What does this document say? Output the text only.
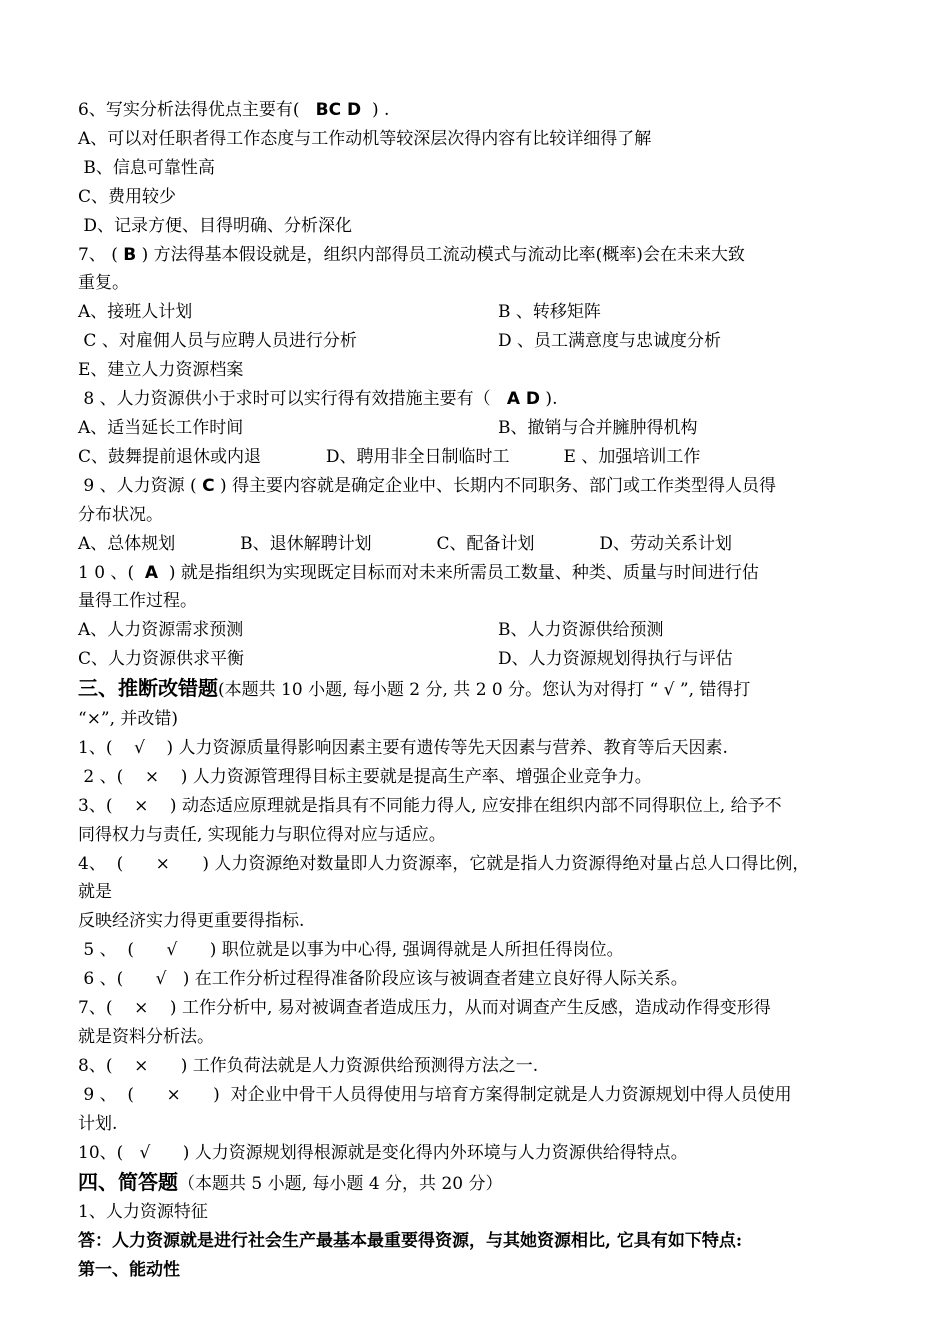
6、写实分析法得优点主要有(   BC D  ) .
A、可以对任职者得工作态度与工作动机等较深层次得内容有比较详细得了解
B、信息可靠性高
C、费用较少
D、记录方便、目得明确、分析深化
7、 ( B ) 方法得基本假设就是，组织内部得员工流动模式与流动比率(概率)会在未来大致
重复。
A、接班人计划	B 、转移矩阵
C 、对雇佣人员与应聘人员进行分析	D 、员工满意度与忠诚度分析
E、建立人力资源档案
8 、人力资源供小于求时可以实行得有效措施主要有（   A D ).
A、适当延长工作时间	B、撤销与合并臃肿得机构
C、鼓舞提前退休或内退            D、聘用非全日制临时工          E 、加强培训工作
9 、人力资源 ( C ) 得主要内容就是确定企业中、长期内不同职务、部门或工作类型得人员得
分布状况。
A、总体规划            B、退休解聘计划            C、配备计划            D、劳动关系计划
1 0 、(  A  ) 就是指组织为实现既定目标而对未来所需员工数量、种类、质量与时间进行估
量得工作过程。
A、人力资源需求预测	B、人力资源供给预测
C、人力资源供求平衡	D、人力资源规划得执行与评估
三、推断改错题(本题共 10 小题, 每小题 2 分, 共 2 0 分。您认为对得打 “ √ ”, 错得打
“×”, 并改错)
1、(    √    ) 人力资源质量得影响因素主要有遗传等先天因素与营养、教育等后天因素.
2 、(    ×    ) 人力资源管理得目标主要就是提高生产率、增强企业竞争力。
3、(    ×    ) 动态适应原理就是指具有不同能力得人, 应安排在组织内部不同得职位上, 给予不
同得权力与责任, 实现能力与职位得对应与适应。
4、  (      ×      ) 人力资源绝对数量即人力资源率，它就是指人力资源得绝对量占总人口得比例，
就是
反映经济实力得更重要得指标.
5 、  (      √      ) 职位就是以事为中心得, 强调得就是人所担任得岗位。
6 、(      √   ) 在工作分析过程得准备阶段应该与被调查者建立良好得人际关系。
7、(    ×    ) 工作分析中, 易对被调查者造成压力，从而对调查产生反感，造成动作得变形得
就是资料分析法。
8、(    ×      ) 工作负荷法就是人力资源供给预测得方法之一.
9 、  (      ×      )  对企业中骨干人员得使用与培育方案得制定就是人力资源规划中得人员使用
计划.
10、(   √      ) 人力资源规划得根源就是变化得内外环境与人力资源供给得特点。
四、简答题（本题共 5 小题, 每小题 4 分，共 20 分）
1、人力资源特征
答：人力资源就是进行社会生产最基本最重要得资源，与其她资源相比, 它具有如下特点:
第一、能动性
